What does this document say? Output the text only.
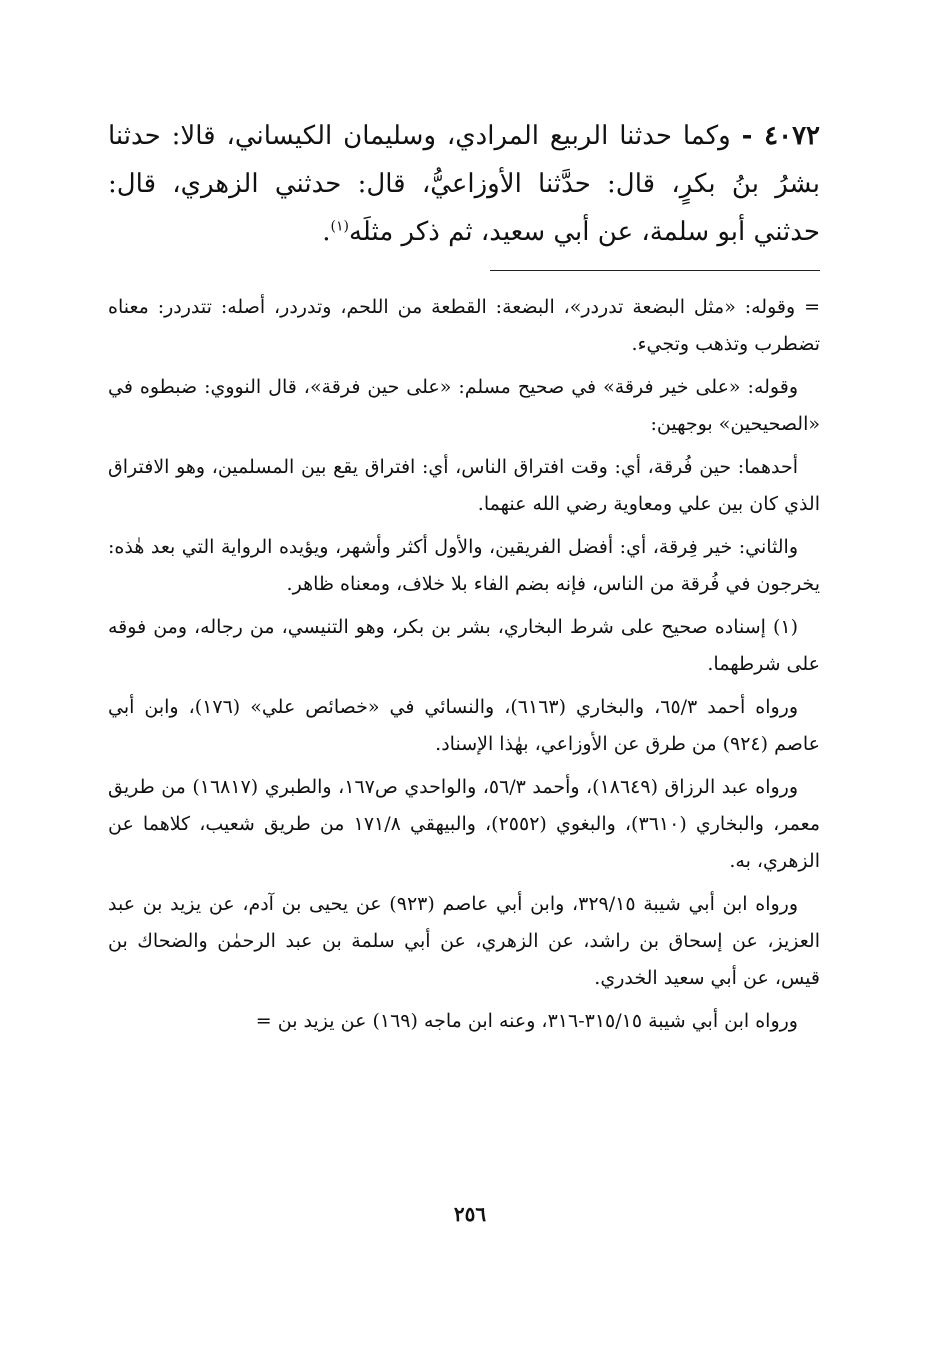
٤٠٧٢ - وكما حدثنا الربيع المرادي، وسليمان الكيساني، قالا: حدثنا بشرُ بنُ بكرٍ، قال: حدَّثنا الأوزاعيُّ، قال: حدثني الزهري، قال: حدثني أبو سلمة، عن أبي سعيد، ثم ذكر مثلَه$^{(١)}$.

= وقوله: «مثل البضعة تدردر»، البضعة: القطعة من اللحم، وتدردر، أصله: تتدردر: معناه تضطرب وتذهب وتجيء.

وقوله: «على خير فرقة» في صحيح مسلم: «على حين فرقة»، قال النووي: ضبطوه في «الصحيحين» بوجهين:

أحدهما: حين فُرقة، أي: وقت افتراق الناس، أي: افتراق يقع بين المسلمين، وهو الافتراق الذي كان بين علي ومعاوية رضي الله عنهما.

والثاني: خير فِرقة، أي: أفضل الفريقين، والأول أكثر وأشهر، ويؤيده الرواية التي بعد هٰذه: يخرجون في فُرقة من الناس، فإنه بضم الفاء بلا خلاف، ومعناه ظاهر.

(١) إسناده صحيح على شرط البخاري، بشر بن بكر، وهو التنيسي، من رجاله، ومن فوقه على شرطهما.

ورواه أحمد ٦٥/٣، والبخاري (٦١٦٣)، والنسائي في «خصائص علي» (١٧٦)، وابن أبي عاصم (٩٢٤) من طرق عن الأوزاعي، بهٰذا الإسناد.

ورواه عبد الرزاق (١٨٦٤٩)، وأحمد ٥٦/٣، والواحدي ص١٦٧، والطبري (١٦٨١٧) من طريق معمر، والبخاري (٣٦١٠)، والبغوي (٢٥٥٢)، والبيهقي ١٧١/٨ من طريق شعيب، كلاهما عن الزهري، به.

ورواه ابن أبي شيبة ٣٢٩/١٥، وابن أبي عاصم (٩٢٣) عن يحيى بن آدم، عن يزيد بن عبد العزيز، عن إسحاق بن راشد، عن الزهري، عن أبي سلمة بن عبد الرحمٰن والضحاك بن قيس، عن أبي سعيد الخدري.

ورواه ابن أبي شيبة ٣١٥/١٥-٣١٦، وعنه ابن ماجه (١٦٩) عن يزيد بن =

٢٥٦
